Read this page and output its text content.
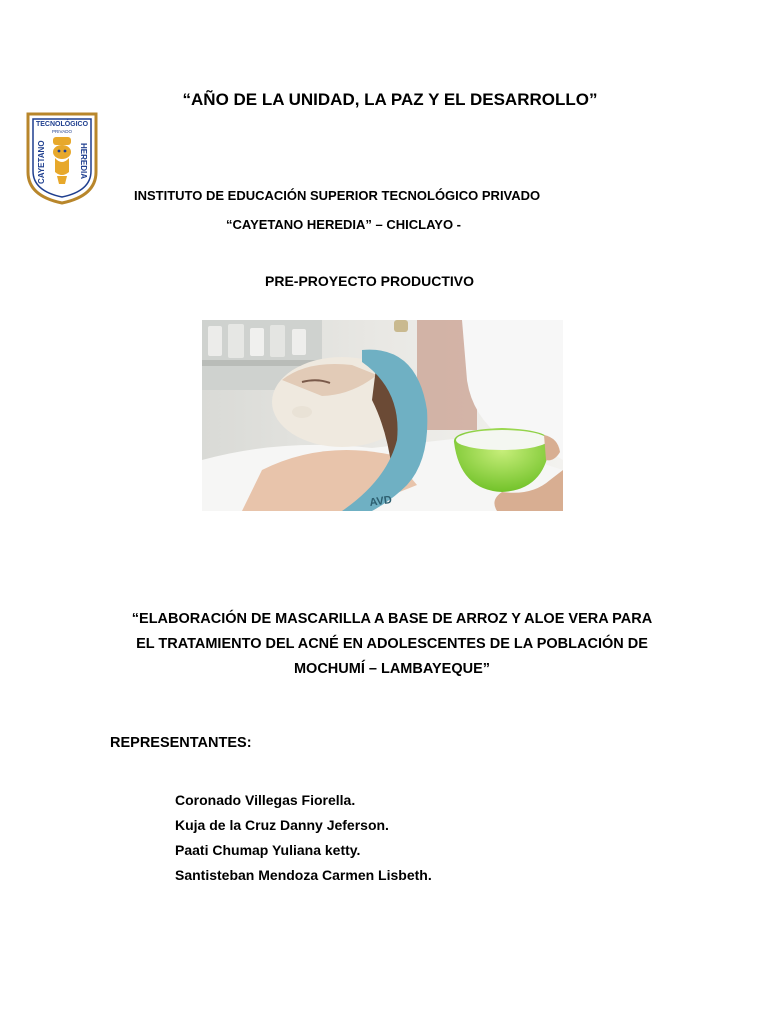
“AÑO DE LA UNIDAD, LA PAZ Y EL DESARROLLO”
TECNOLÓGICO
PRIVADO
CAYETANO	HEREDIA
INSTITUTO DE EDUCACIÓN SUPERIOR TECNOLÓGICO PRIVADO
“CAYETANO HEREDIA” – CHICLAYO -
PRE-PROYECTO PRODUCTIVO
AVD
“ELABORACIÓN DE MASCARILLA A BASE DE ARROZ Y ALOE VERA PARA
EL TRATAMIENTO DEL ACNÉ EN ADOLESCENTES DE LA POBLACIÓN DE
MOCHUMÍ – LAMBAYEQUE”
REPRESENTANTES:
Coronado Villegas Fiorella.
Kuja de la Cruz Danny Jeferson.
Paati Chumap Yuliana ketty.
Santisteban Mendoza Carmen Lisbeth.
